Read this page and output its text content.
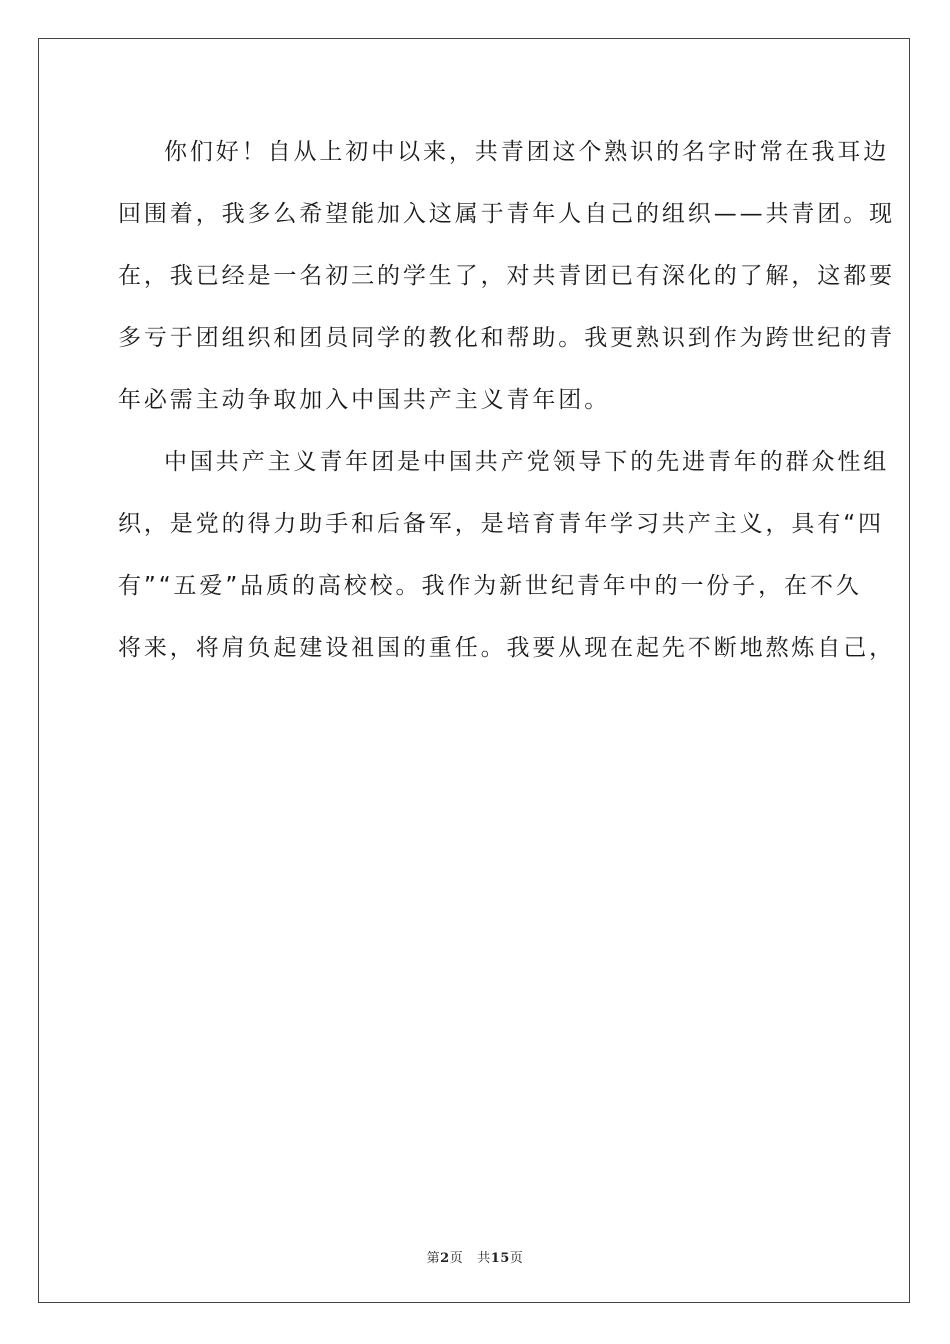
你们好！自从上初中以来，共青团这个熟识的名字时常在我耳边
回围着，我多么希望能加入这属于青年人自己的组织——共青团。现
在，我已经是一名初三的学生了，对共青团已有深化的了解，这都要
多亏于团组织和团员同学的教化和帮助。我更熟识到作为跨世纪的青
年必需主动争取加入中国共产主义青年团。
中国共产主义青年团是中国共产党领导下的先进青年的群众性组
织，是党的得力助手和后备军，是培育青年学习共产主义，具有“四
有”“五爱”品质的高校校。我作为新世纪青年中的一份子，在不久
将来，将肩负起建设祖国的重任。我要从现在起先不断地熬炼自己，
第2页 共15页
